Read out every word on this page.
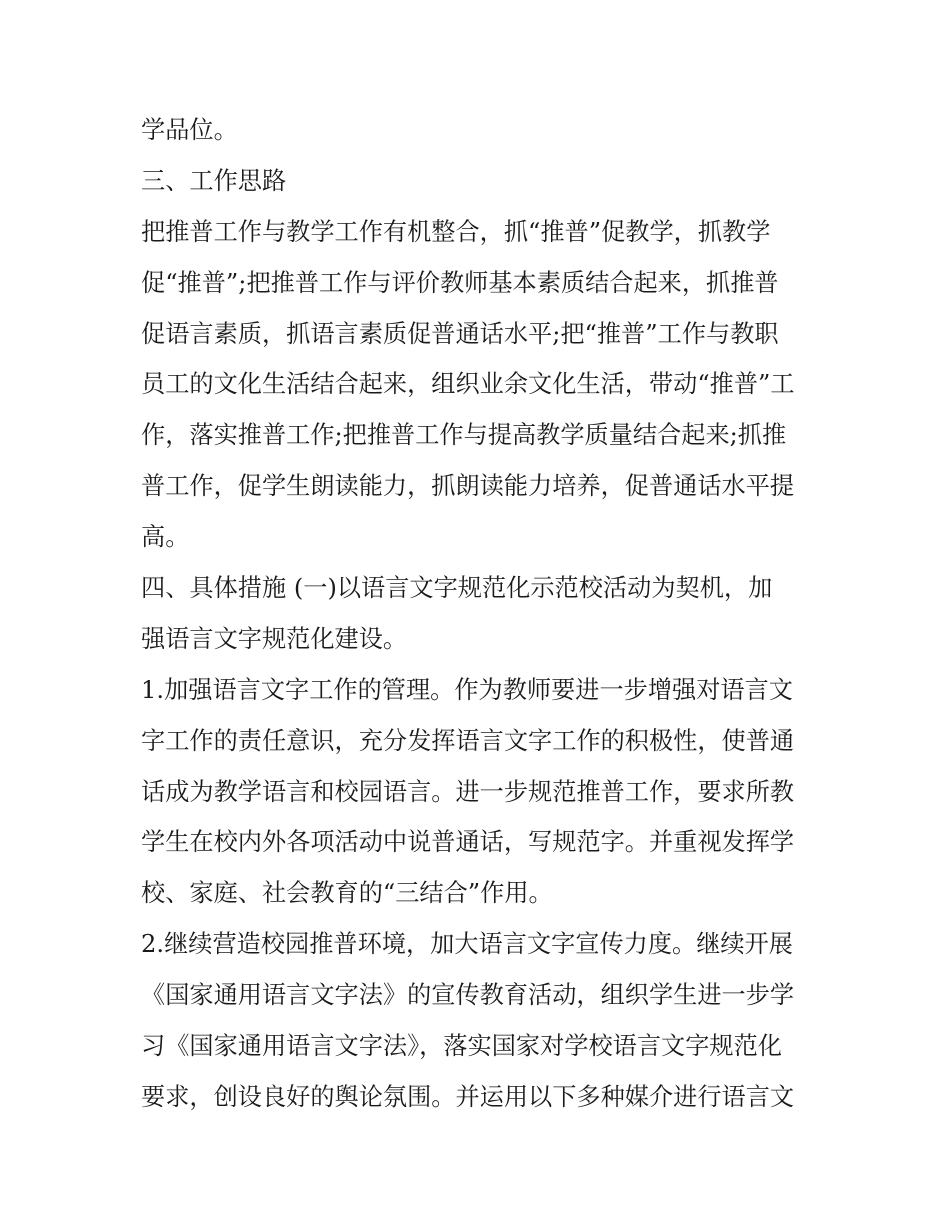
学品位。
三、工作思路
把推普工作与教学工作有机整合，抓“推普”促教学，抓教学
促“推普”;把推普工作与评价教师基本素质结合起来，抓推普
促语言素质，抓语言素质促普通话水平;把“推普”工作与教职
员工的文化生活结合起来，组织业余文化生活，带动“推普”工
作，落实推普工作;把推普工作与提高教学质量结合起来;抓推
普工作，促学生朗读能力，抓朗读能力培养，促普通话水平提
高。
四、具体措施 (一)以语言文字规范化示范校活动为契机，加
强语言文字规范化建设。
1.加强语言文字工作的管理。作为教师要进一步增强对语言文
字工作的责任意识，充分发挥语言文字工作的积极性，使普通
话成为教学语言和校园语言。进一步规范推普工作，要求所教
学生在校内外各项活动中说普通话，写规范字。并重视发挥学
校、家庭、社会教育的“三结合”作用。
2.继续营造校园推普环境，加大语言文字宣传力度。继续开展
《国家通用语言文字法》的宣传教育活动，组织学生进一步学
习《国家通用语言文字法》，落实国家对学校语言文字规范化
要求，创设良好的舆论氛围。并运用以下多种媒介进行语言文
